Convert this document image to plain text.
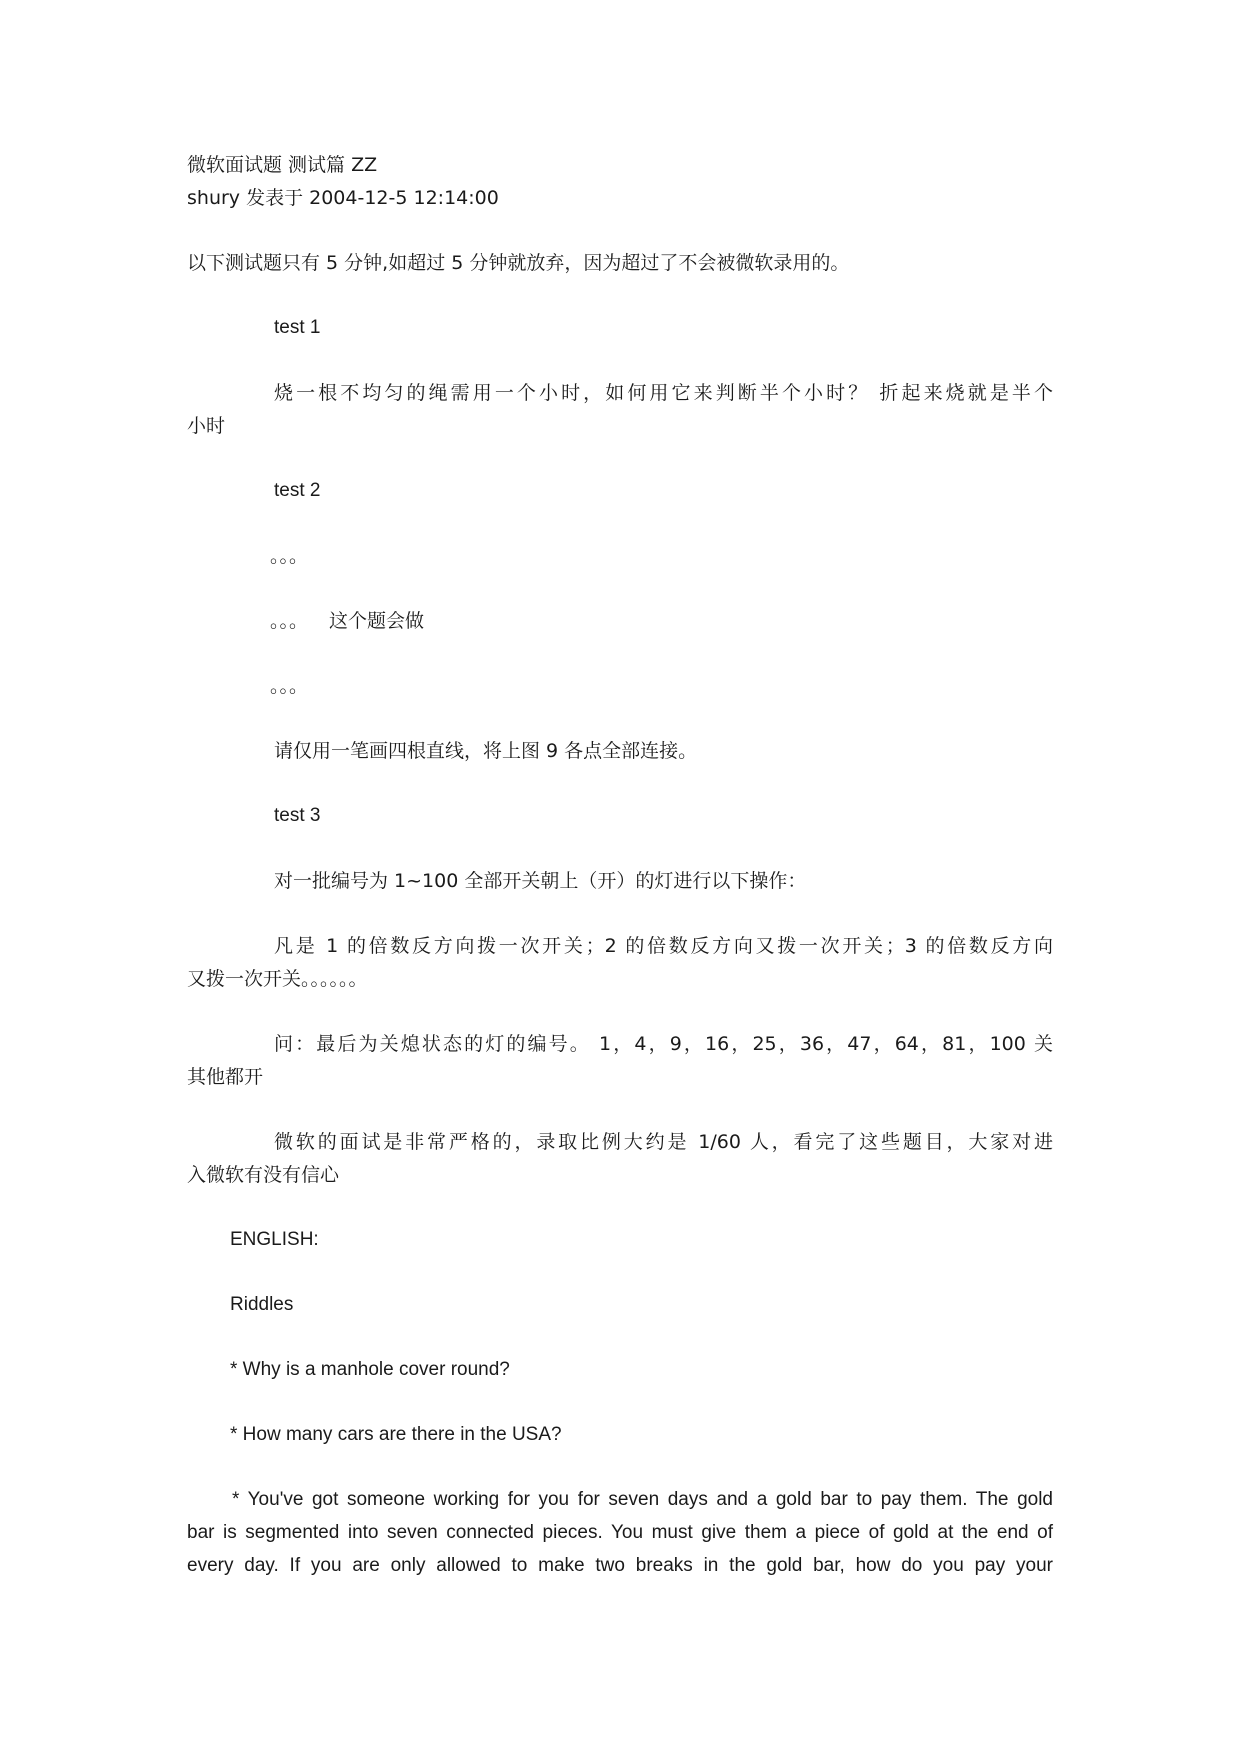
微软面试题 测试篇 ZZ
shury 发表于 2004-12-5 12:14:00
以下测试题只有 5 分钟,如超过 5 分钟就放弃，因为超过了不会被微软录用的。
test 1
烧一根不均匀的绳需用一个小时，如何用它来判断半个小时？ 折起来烧就是半个
小时
test 2
。。。
。。。 这个题会做
。。。
请仅用一笔画四根直线，将上图 9 各点全部连接。
test 3
对一批编号为 1~100 全部开关朝上（开）的灯进行以下操作：
凡是 1 的倍数反方向拨一次开关；2 的倍数反方向又拨一次开关；3 的倍数反方向
又拨一次开关。。。。。。
问：最后为关熄状态的灯的编号。 1，4，9，16，25，36，47，64，81，100 关
其他都开
微软的面试是非常严格的，录取比例大约是 1/60 人，看完了这些题目，大家对进
入微软有没有信心
ENGLISH:
Riddles
* Why is a manhole cover round?
* How many cars are there in the USA?
* You've got someone working for you for seven days and a gold bar to pay them. The gold
bar is segmented into seven connected pieces. You must give them a piece of gold at the end of
every day. If you are only allowed to make two breaks in the gold bar, how do you pay your
